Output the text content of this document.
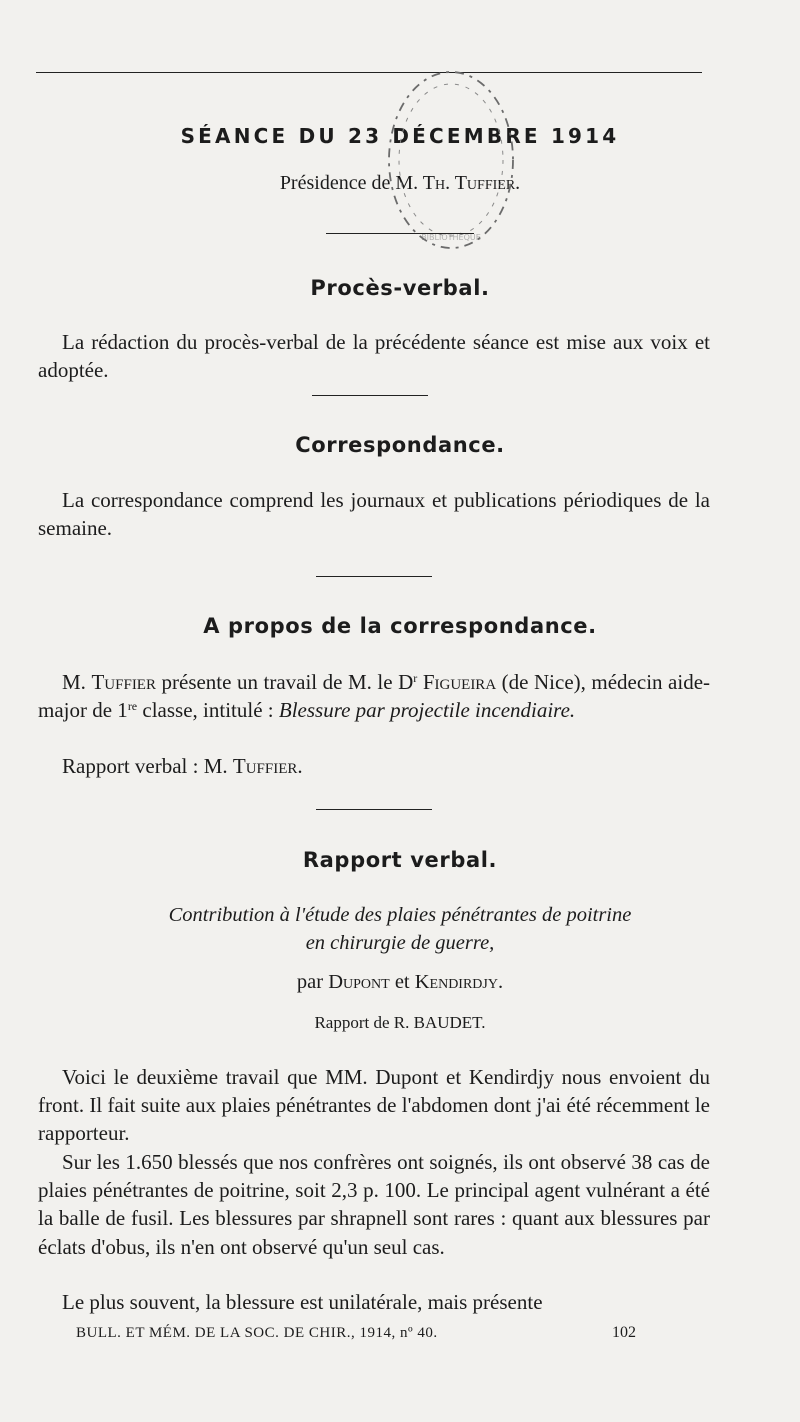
SÉANCE DU 23 DÉCEMBRE 1914
Présidence de M. Th. Tuffier.
BIBLIOTHÈQUE
Procès-verbal.

La rédaction du procès-verbal de la précédente séance est mise aux voix et adoptée.

Correspondance.

La correspondance comprend les journaux et publications périodiques de la semaine.

A propos de la correspondance.

M. Tuffier présente un travail de M. le $D^r$ Figueira (de Nice), médecin aide-major de 1re classe, intitulé : Blessure par projectile incendiaire.

Rapport verbal : M. Tuffier.

Rapport verbal.
Contribution à l'étude des plaies pénétrantes de poitrine
en chirurgie de guerre,
par Dupont et Kendirdjy.
Rapport de R. BAUDET.

Voici le deuxième travail que MM. Dupont et Kendirdjy nous envoient du front. Il fait suite aux plaies pénétrantes de l'abdomen dont j'ai été récemment le rapporteur.

Sur les 1.650 blessés que nos confrères ont soignés, ils ont observé 38 cas de plaies pénétrantes de poitrine, soit 2,3 p. 100. Le principal agent vulnérant a été la balle de fusil. Les blessures par shrapnell sont rares : quant aux blessures par éclats d'obus, ils n'en ont observé qu'un seul cas.

Le plus souvent, la blessure est unilatérale, mais présente

BULL. ET MÉM. DE LA SOC. DE CHIR., 1914, nº 40.	102
